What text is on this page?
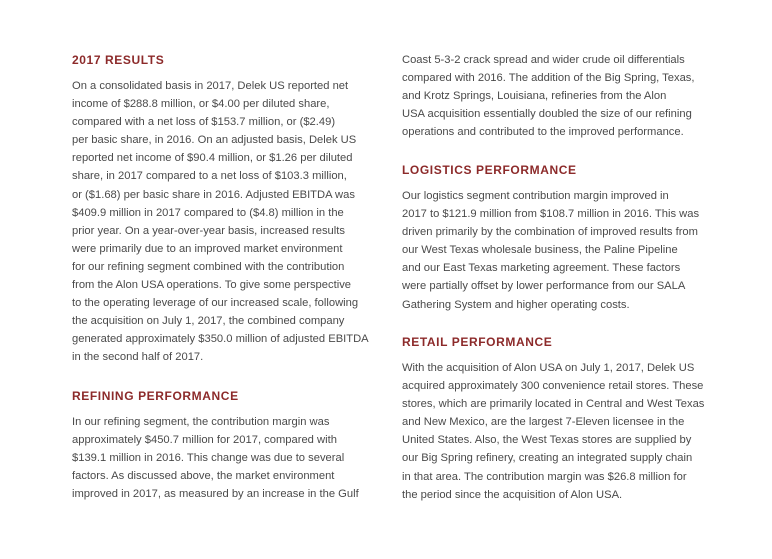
2017 RESULTS
On a consolidated basis in 2017, Delek US reported net
income of $288.8 million, or $4.00 per diluted share,
compared with a net loss of $153.7 million, or ($2.49)
per basic share, in 2016. On an adjusted basis, Delek US
reported net income of $90.4 million, or $1.26 per diluted
share, in 2017 compared to a net loss of $103.3 million,
or ($1.68) per basic share in 2016. Adjusted EBITDA was
$409.9 million in 2017 compared to ($4.8) million in the
prior year. On a year-over-year basis, increased results
were primarily due to an improved market environment
for our refining segment combined with the contribution
from the Alon USA operations. To give some perspective
to the operating leverage of our increased scale, following
the acquisition on July 1, 2017, the combined company
generated approximately $350.0 million of adjusted EBITDA
in the second half of 2017.
REFINING PERFORMANCE
In our refining segment, the contribution margin was
approximately $450.7 million for 2017, compared with
$139.1 million in 2016. This change was due to several
factors. As discussed above, the market environment
improved in 2017, as measured by an increase in the Gulf
Coast 5-3-2 crack spread and wider crude oil differentials
compared with 2016. The addition of the Big Spring, Texas,
and Krotz Springs, Louisiana, refineries from the Alon
USA acquisition essentially doubled the size of our refining
operations and contributed to the improved performance.
LOGISTICS PERFORMANCE
Our logistics segment contribution margin improved in
2017 to $121.9 million from $108.7 million in 2016. This was
driven primarily by the combination of improved results from
our West Texas wholesale business, the Paline Pipeline
and our East Texas marketing agreement. These factors
were partially offset by lower performance from our SALA
Gathering System and higher operating costs.
RETAIL PERFORMANCE
With the acquisition of Alon USA on July 1, 2017, Delek US
acquired approximately 300 convenience retail stores. These
stores, which are primarily located in Central and West Texas
and New Mexico, are the largest 7-Eleven licensee in the
United States. Also, the West Texas stores are supplied by
our Big Spring refinery, creating an integrated supply chain
in that area. The contribution margin was $26.8 million for
the period since the acquisition of Alon USA.
